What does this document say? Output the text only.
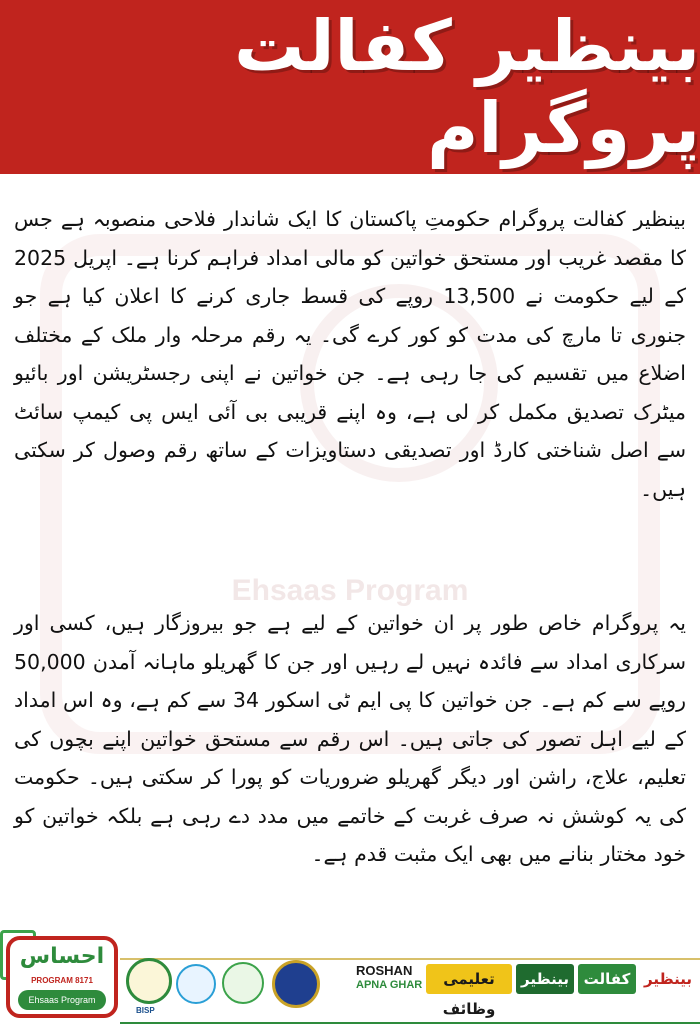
بینظیر کفالت پروگرام
Ehsaas Program

بینظیر کفالت پروگرام حکومتِ پاکستان کا ایک شاندار فلاحی منصوبہ ہے جس کا مقصد غریب اور مستحق خواتین کو مالی امداد فراہم کرنا ہے۔ اپریل 2025 کے لیے حکومت نے 13,500 روپے کی قسط جاری کرنے کا اعلان کیا ہے جو جنوری تا مارچ کی مدت کو کور کرے گی۔ یہ رقم مرحلہ وار ملک کے مختلف اضلاع میں تقسیم کی جا رہی ہے۔ جن خواتین نے اپنی رجسٹریشن اور بائیو میٹرک تصدیق مکمل کر لی ہے، وہ اپنے قریبی بی آئی ایس پی کیمپ سائٹ سے اصل شناختی کارڈ اور تصدیقی دستاویزات کے ساتھ رقم وصول کر سکتی ہیں۔

یہ پروگرام خاص طور پر ان خواتین کے لیے ہے جو بیروزگار ہیں، کسی اور سرکاری امداد سے فائدہ نہیں لے رہیں اور جن کا گھریلو ماہانہ آمدن 50,000 روپے سے کم ہے۔ جن خواتین کا پی ایم ٹی اسکور 34 سے کم ہے، وہ اس امداد کے لیے اہل تصور کی جاتی ہیں۔ اس رقم سے مستحق خواتین اپنے بچوں کی تعلیم، علاج، راشن اور دیگر گھریلو ضروریات کو پورا کر سکتی ہیں۔ حکومت کی یہ کوشش نہ صرف غربت کے خاتمے میں مدد دے رہی ہے بلکہ خواتین کو خود مختار بنانے میں بھی ایک مثبت قدم ہے۔

احساس
PROGRAM 8171
Ehsaas Program
BISP
ROSHAN
APNA GHAR	تعلیمی وظائف
بینظیر کفالت بینظیر
